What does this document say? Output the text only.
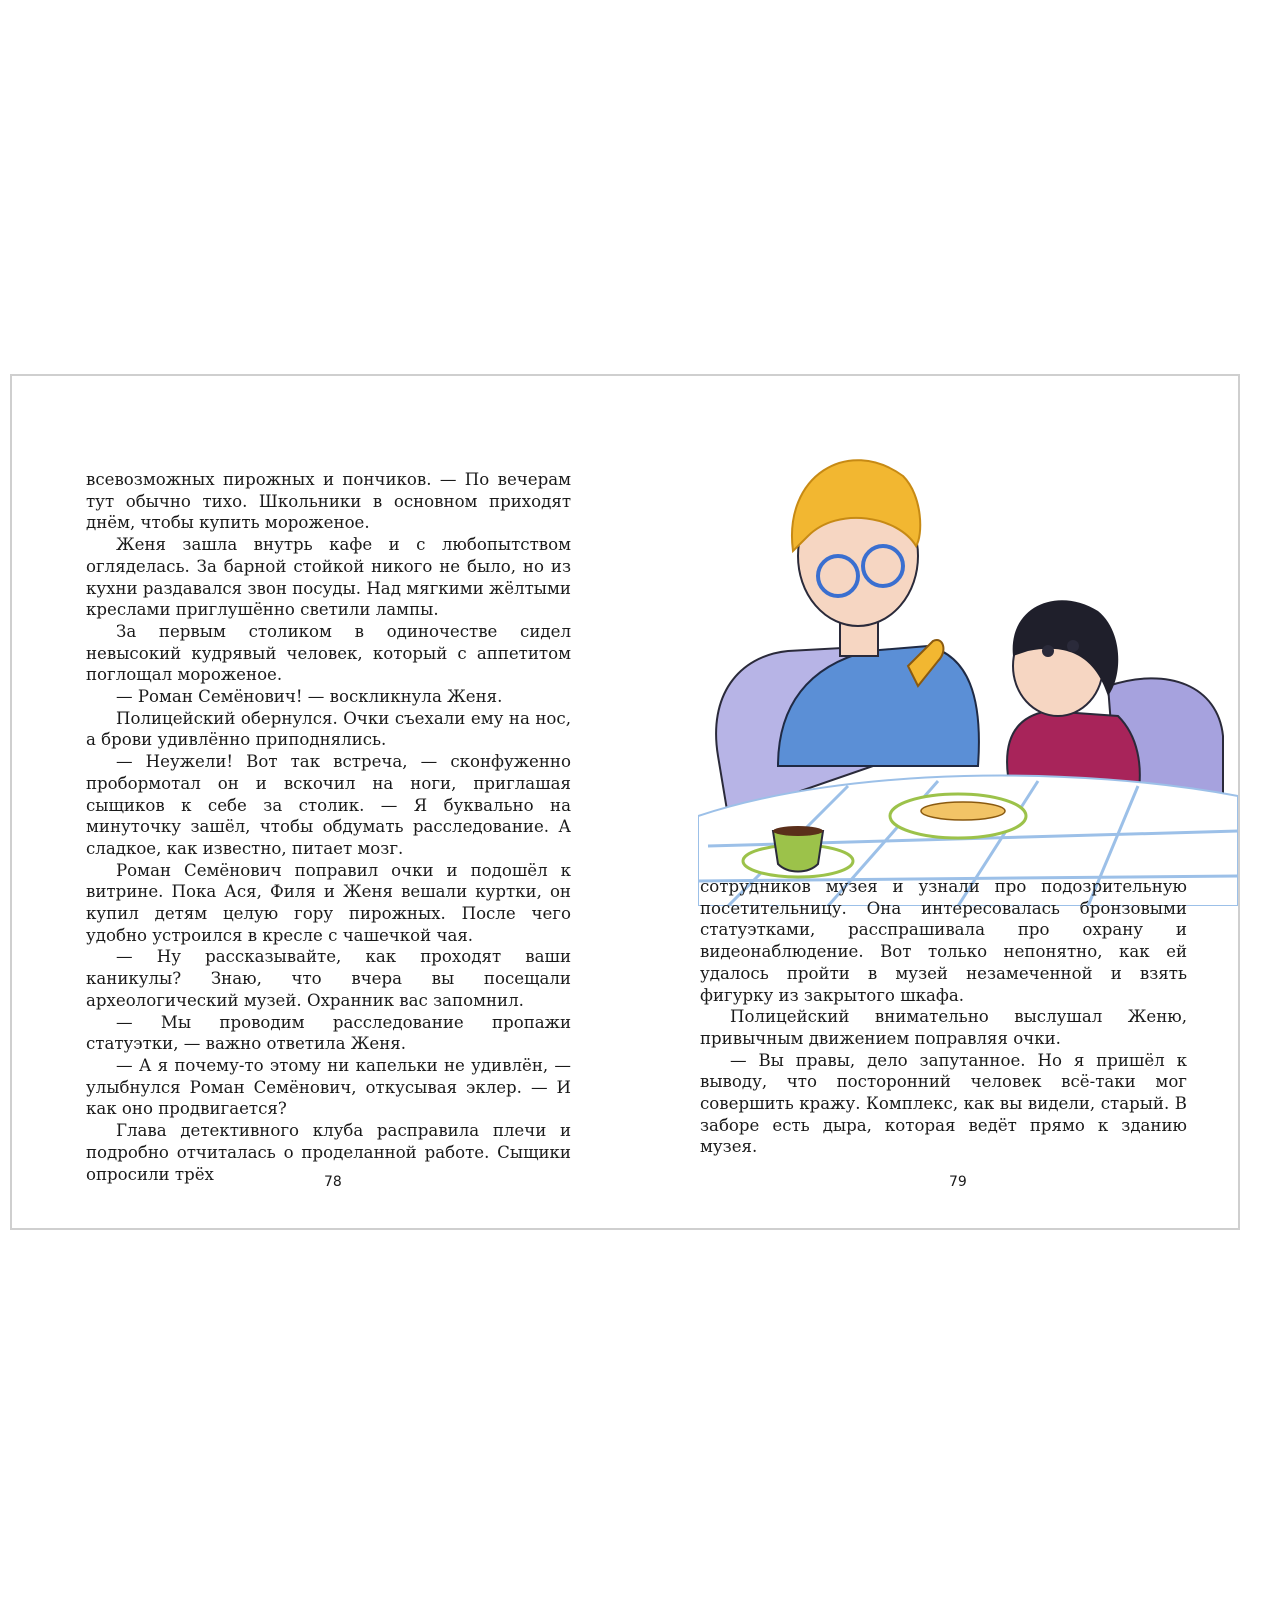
всевозможных пирожных и пончиков. — По вечерам тут обычно тихо. Школьники в основном приходят днём, чтобы купить мороженое.

Женя зашла внутрь кафе и с любопытством огляделась. За барной стойкой никого не было, но из кухни раздавался звон посуды. Над мягкими жёлтыми креслами приглушённо светили лампы.

За первым столиком в одиночестве сидел невысокий кудрявый человек, который с аппетитом поглощал мороженое.

— Роман Семёнович! — воскликнула Женя.

Полицейский обернулся. Очки съехали ему на нос, а брови удивлённо приподнялись.

— Неужели! Вот так встреча, — сконфуженно пробормотал он и вскочил на ноги, приглашая сыщиков к себе за столик. — Я буквально на минуточку зашёл, чтобы обдумать расследование. А сладкое, как известно, питает мозг.

Роман Семёнович поправил очки и подошёл к витрине. Пока Ася, Филя и Женя вешали куртки, он купил детям целую гору пирожных. После чего удобно устроился в кресле с чашечкой чая.

— Ну рассказывайте, как проходят ваши каникулы? Знаю, что вчера вы посещали археологический музей. Охранник вас запомнил.

— Мы проводим расследование пропажи статуэтки, — важно ответила Женя.

— А я почему-то этому ни капельки не удивлён, — улыбнулся Роман Семёнович, откусывая эклер. — И как оно продвигается?

Глава детективного клуба расправила плечи и подробно отчиталась о проделанной работе. Сыщики опросили трёх	78	79

сотрудников музея и узнали про подозрительную посетительницу. Она интересовалась бронзовыми статуэтками, расспрашивала про охрану и видеонаблюдение. Вот только непонятно, как ей удалось пройти в музей незамеченной и взять фигурку из закрытого шкафа.

Полицейский внимательно выслушал Женю, привычным движением поправляя очки.

— Вы правы, дело запутанное. Но я пришёл к выводу, что посторонний человек всё-таки мог совершить кражу. Комплекс, как вы видели, старый. В заборе есть дыра, которая ведёт прямо к зданию музея.
